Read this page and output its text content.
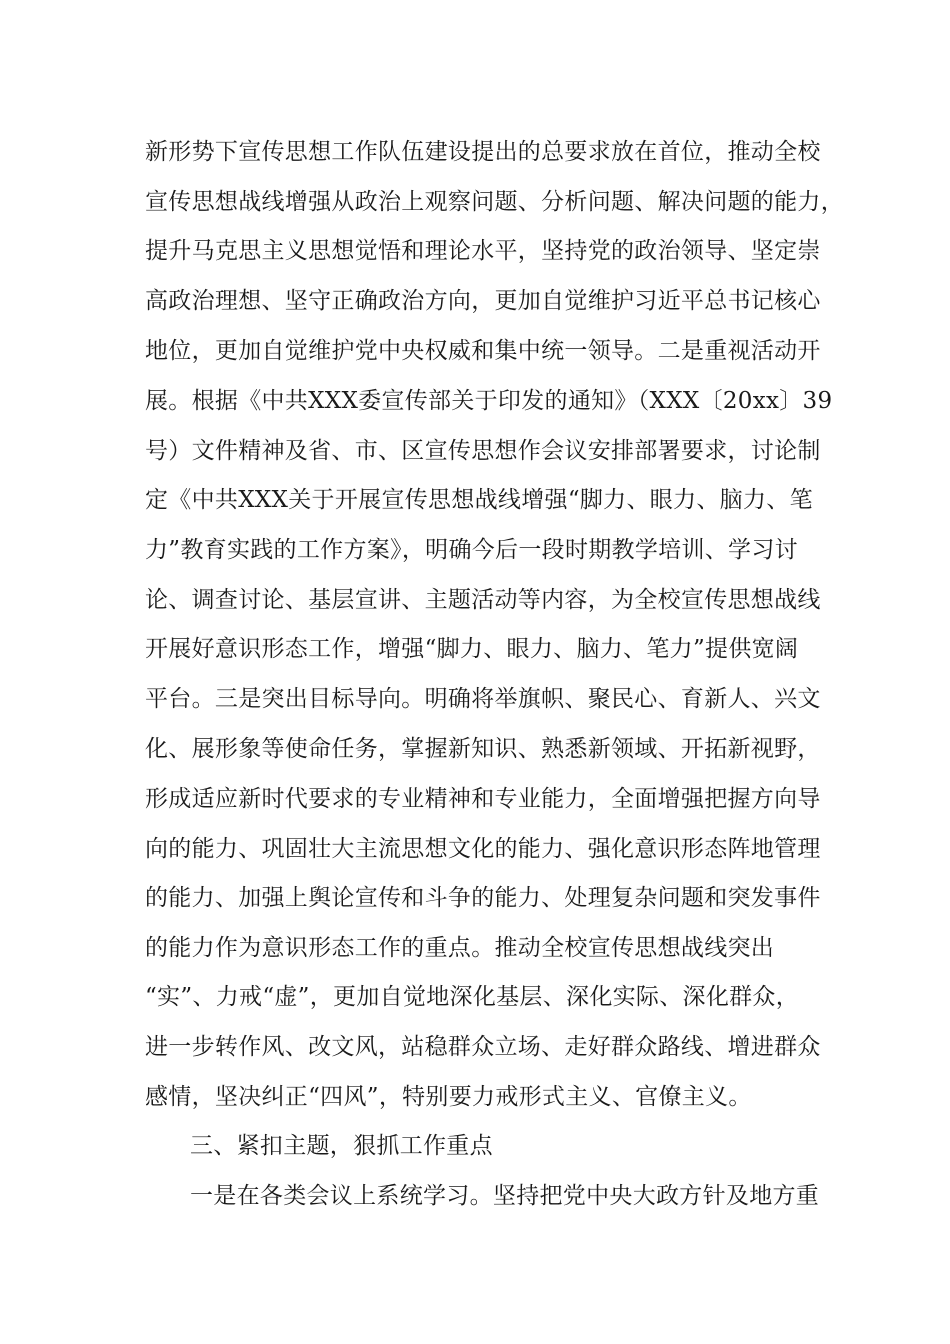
新形势下宣传思想工作队伍建设提出的总要求放在首位，推动全校
宣传思想战线增强从政治上观察问题、分析问题、解决问题的能力，
提升马克思主义思想觉悟和理论水平，坚持党的政治领导、坚定崇
高政治理想、坚守正确政治方向，更加自觉维护习近平总书记核心
地位，更加自觉维护党中央权威和集中统一领导。二是重视活动开
展。根据《中共XXX委宣传部关于印发的通知》（XXX〔20xx〕39
号）文件精神及省、市、区宣传思想作会议安排部署要求，讨论制
定《中共XXX关于开展宣传思想战线增强“脚力、眼力、脑力、笔
力”教育实践的工作方案》，明确今后一段时期教学培训、学习讨
论、调查讨论、基层宣讲、主题活动等内容，为全校宣传思想战线
开展好意识形态工作，增强“脚力、眼力、脑力、笔力”提供宽阔
平台。三是突出目标导向。明确将举旗帜、聚民心、育新人、兴文
化、展形象等使命任务，掌握新知识、熟悉新领域、开拓新视野，
形成适应新时代要求的专业精神和专业能力，全面增强把握方向导
向的能力、巩固壮大主流思想文化的能力、强化意识形态阵地管理
的能力、加强上舆论宣传和斗争的能力、处理复杂问题和突发事件
的能力作为意识形态工作的重点。推动全校宣传思想战线突出
“实”、力戒“虚”，更加自觉地深化基层、深化实际、深化群众，
进一步转作风、改文风，站稳群众立场、走好群众路线、增进群众
感情，坚决纠正“四风”，特别要力戒形式主义、官僚主义。
三、紧扣主题，狠抓工作重点
一是在各类会议上系统学习。坚持把党中央大政方针及地方重
